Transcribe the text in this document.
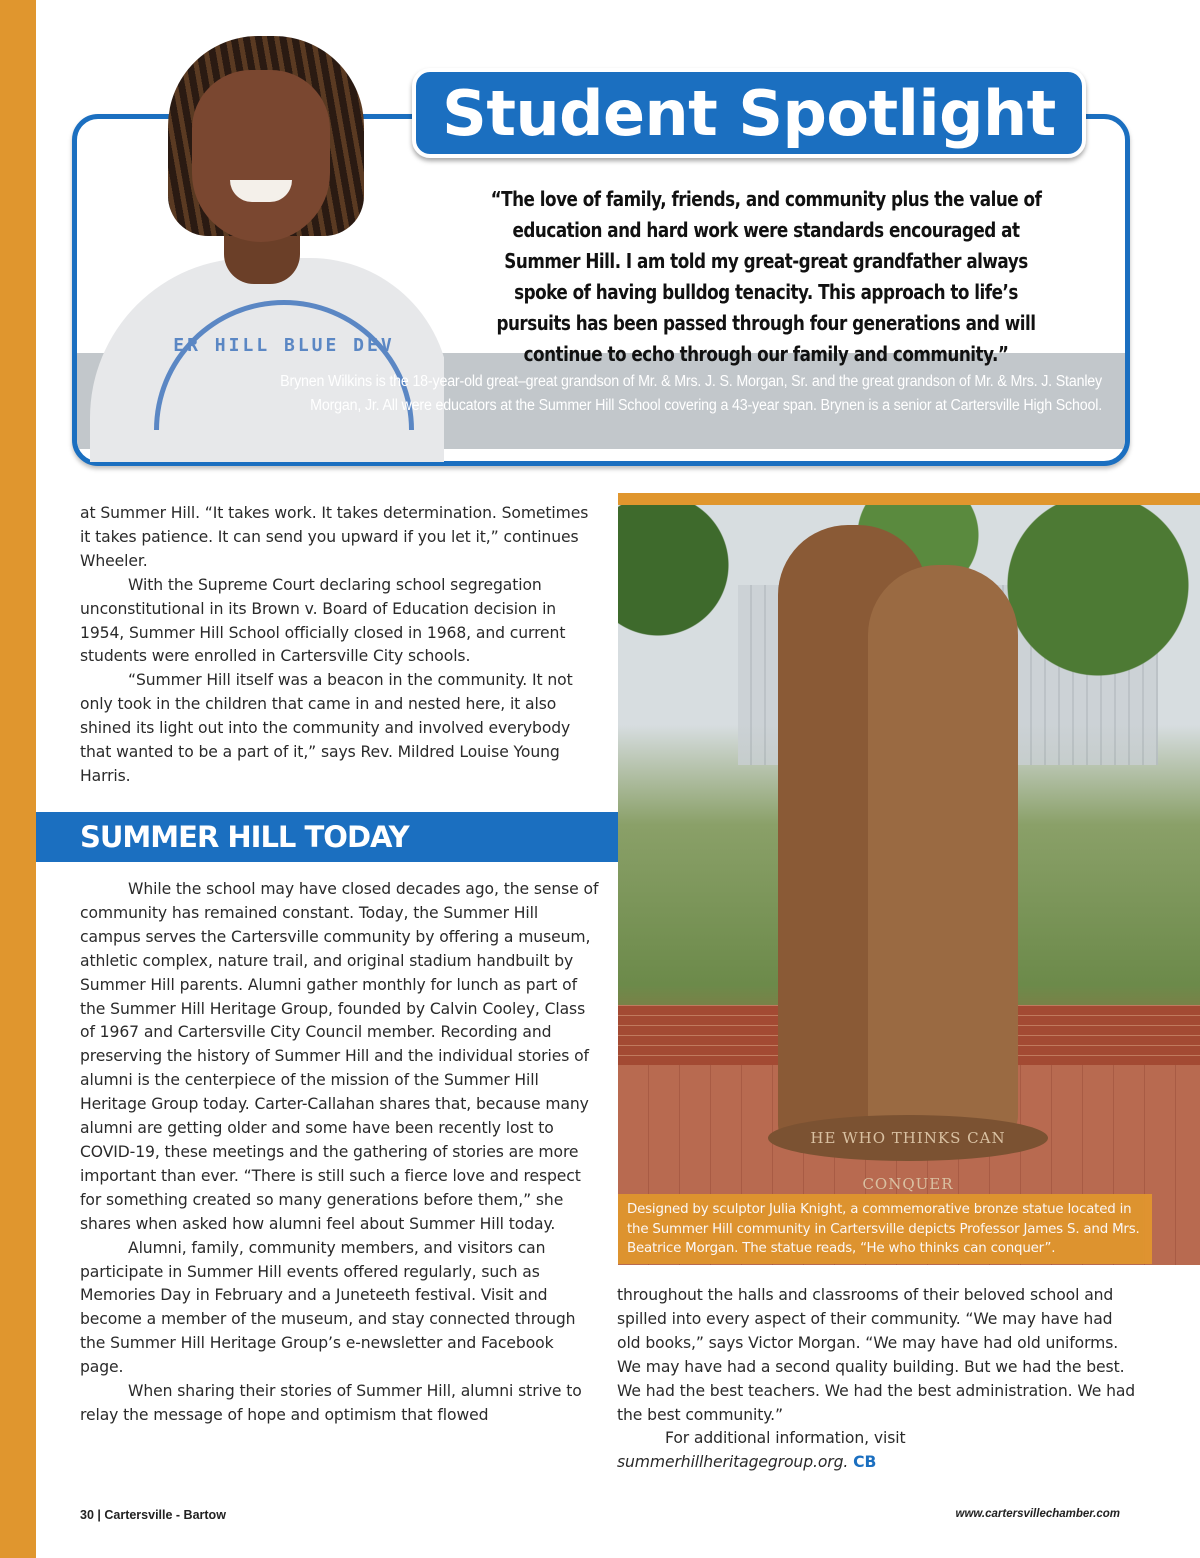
ER HILL BLUE DEV
Brynen Wilkins is the 18-year-old great–great grandson of Mr. & Mrs. J. S. Morgan, Sr. and the great grandson of Mr. & Mrs. J. Stanley
Morgan, Jr. All were educators at the Summer Hill School covering a 43-year span. Brynen is a senior at Cartersville High School.
Student Spotlight
“The love of family, friends, and community plus the value of education and hard work were standards encouraged at Summer Hill. I am told my great-great grandfather always spoke of having bulldog tenacity. This approach to life’s pursuits has been passed through four generations and will continue to echo through our family and community.”

at Summer Hill. “It takes work. It takes determination. Sometimes it takes patience. It can send you upward if you let it,” continues Wheeler.

With the Supreme Court declaring school segregation unconstitutional in its Brown v. Board of Education decision in 1954, Summer Hill School officially closed in 1968, and current students were enrolled in Cartersville City schools.

“Summer Hill itself was a beacon in the community. It not only took in the children that came in and nested here, it also shined its light out into the community and involved everybody that wanted to be a part of it,” says Rev. Mildred Louise Young Harris.

SUMMER HILL TODAY

While the school may have closed decades ago, the sense of community has remained constant. Today, the Summer Hill campus serves the Cartersville community by offering a museum, athletic complex, nature trail, and original stadium handbuilt by Summer Hill parents. Alumni gather monthly for lunch as part of the Summer Hill Heritage Group, founded by Calvin Cooley, Class of 1967 and Cartersville City Council member. Recording and preserving the history of Summer Hill and the individual stories of alumni is the centerpiece of the mission of the Summer Hill Heritage Group today. Carter-Callahan shares that, because many alumni are getting older and some have been recently lost to COVID-19, these meetings and the gathering of stories are more important than ever. “There is still such a fierce love and respect for something created so many generations before them,” she shares when asked how alumni feel about Summer Hill today.

Alumni, family, community members, and visitors can participate in Summer Hill events offered regularly, such as Memories Day in February and a Juneteeth festival. Visit and become a member of the museum, and stay connected through the Summer Hill Heritage Group’s e-newsletter and Facebook page.

When sharing their stories of Summer Hill, alumni strive to relay the message of hope and optimism that flowed

HE WHO THINKS CAN CONQUER
Designed by sculptor Julia Knight, a commemorative bronze statue located in the Summer Hill community in Cartersville depicts Professor James S. and Mrs. Beatrice Morgan. The statue reads, “He who thinks can conquer”.

throughout the halls and classrooms of their beloved school and spilled into every aspect of their community. “We may have had old books,” says Victor Morgan. “We may have had old uniforms. We may have had a second quality building. But we had the best. We had the best teachers. We had the best administration. We had the best community.”

For additional information, visit summerhillheritagegroup.org. CB

30 | Cartersville - Bartow	www.cartersvillechamber.com
